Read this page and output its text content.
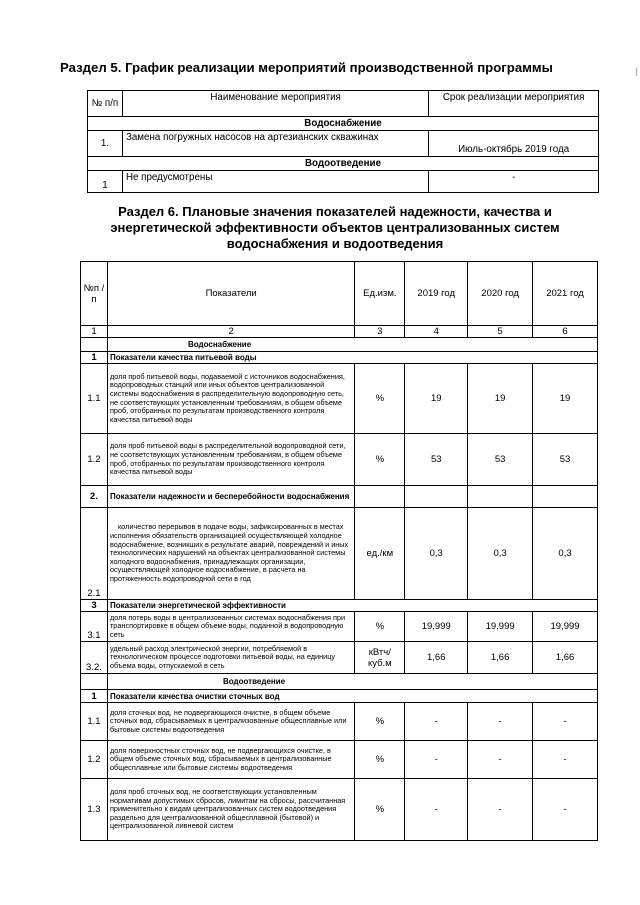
|
Раздел 5. График реализации мероприятий производственной программы
№ п/п	Наименование мероприятия	Срок реализации мероприятия
Водоснабжение		
1.	Замена погружных насосов на артезианских скважинах	Июль-октябрь 2019 года
Водоотведение		
1	Не предусмотрены	-
Раздел 6. Плановые значения показателей надежности, качества и энергетической эффективности объектов централизованных систем водоснабжения и водоотведения
№п /п	Показатели	Ед.изм.	2019 год	2020 год	2021 год
1	2	3	4	5	6
	Водоснабжение				
1	Показатели качества питьевой воды				
1.1	доля проб питьевой воды, подаваемой с источников водоснабжения, водопроводных станций или иных объектов централизованной системы водоснабжения в распределительную водопроводную сеть, не соответствующих установленным требованиям, в общем объеме проб, отобранных по результатам производственного контроля качества питьевой воды	%	19	19	19
1.2	доля проб питьевой воды в распределительной водопроводной сети, не соответствующих установленным требованиям, в общем объеме проб, отобранных по результатам производственного контроля качества питьевой воды	%	53	53	53
2.	Показатели надежности и бесперебойности водоснабжения				
2.1	количество перерывов в подаче воды, зафиксированных в местах исполнения обязательств организацией осуществляющей холодное водоснабжение, возникших в результате аварий, повреждений и иных технологических нарушений на объектах централизованной системы холодного водоснабжения, принадлежащих организации, осуществляющей холодное водоснабжение, в расчета на протяженность водопроводной сети в год	ед./км	0,3	0,3	0,3
3	Показатели энергетической эффективности				
3.1	доля потерь воды в централизованных системах водоснабжения при транспортировке в общем объеме воды, поданной в водопроводную сеть	%	19,999	19,999	19,999
3.2.	удельный расход электрической энергии, потребляемой в технологическом процессе подготовки питьевой воды, на единицу объема воды, отпускаемой в сеть	кВтч/ куб.м	1,66	1,66	1,66
	Водоотведение				
1	Показатели качества очистки сточных вод				
1.1	доля сточных вод, не подвергающихся очистке, в общем объеме сточных вод, сбрасываемых в централизованные общесплавные или бытовые системы водоотведения	%	-	-	-
1.2	доля поверхностных сточных вод, не подвергающихся очистке, в общем объеме сточных вод, сбрасываемых в централизованные общесплавные или бытовые системы водоотведения	%	-	-	-
1.3	доля проб сточных вод, не соответствующих установленным нормативам допустимых сбросов, лимитам на сбросы, рассчитанная применительно к видам централизованных систем водоотведения раздельно для централизованной общесплавной (бытовой) и централизованной ливневой систем	%	-	-	-
